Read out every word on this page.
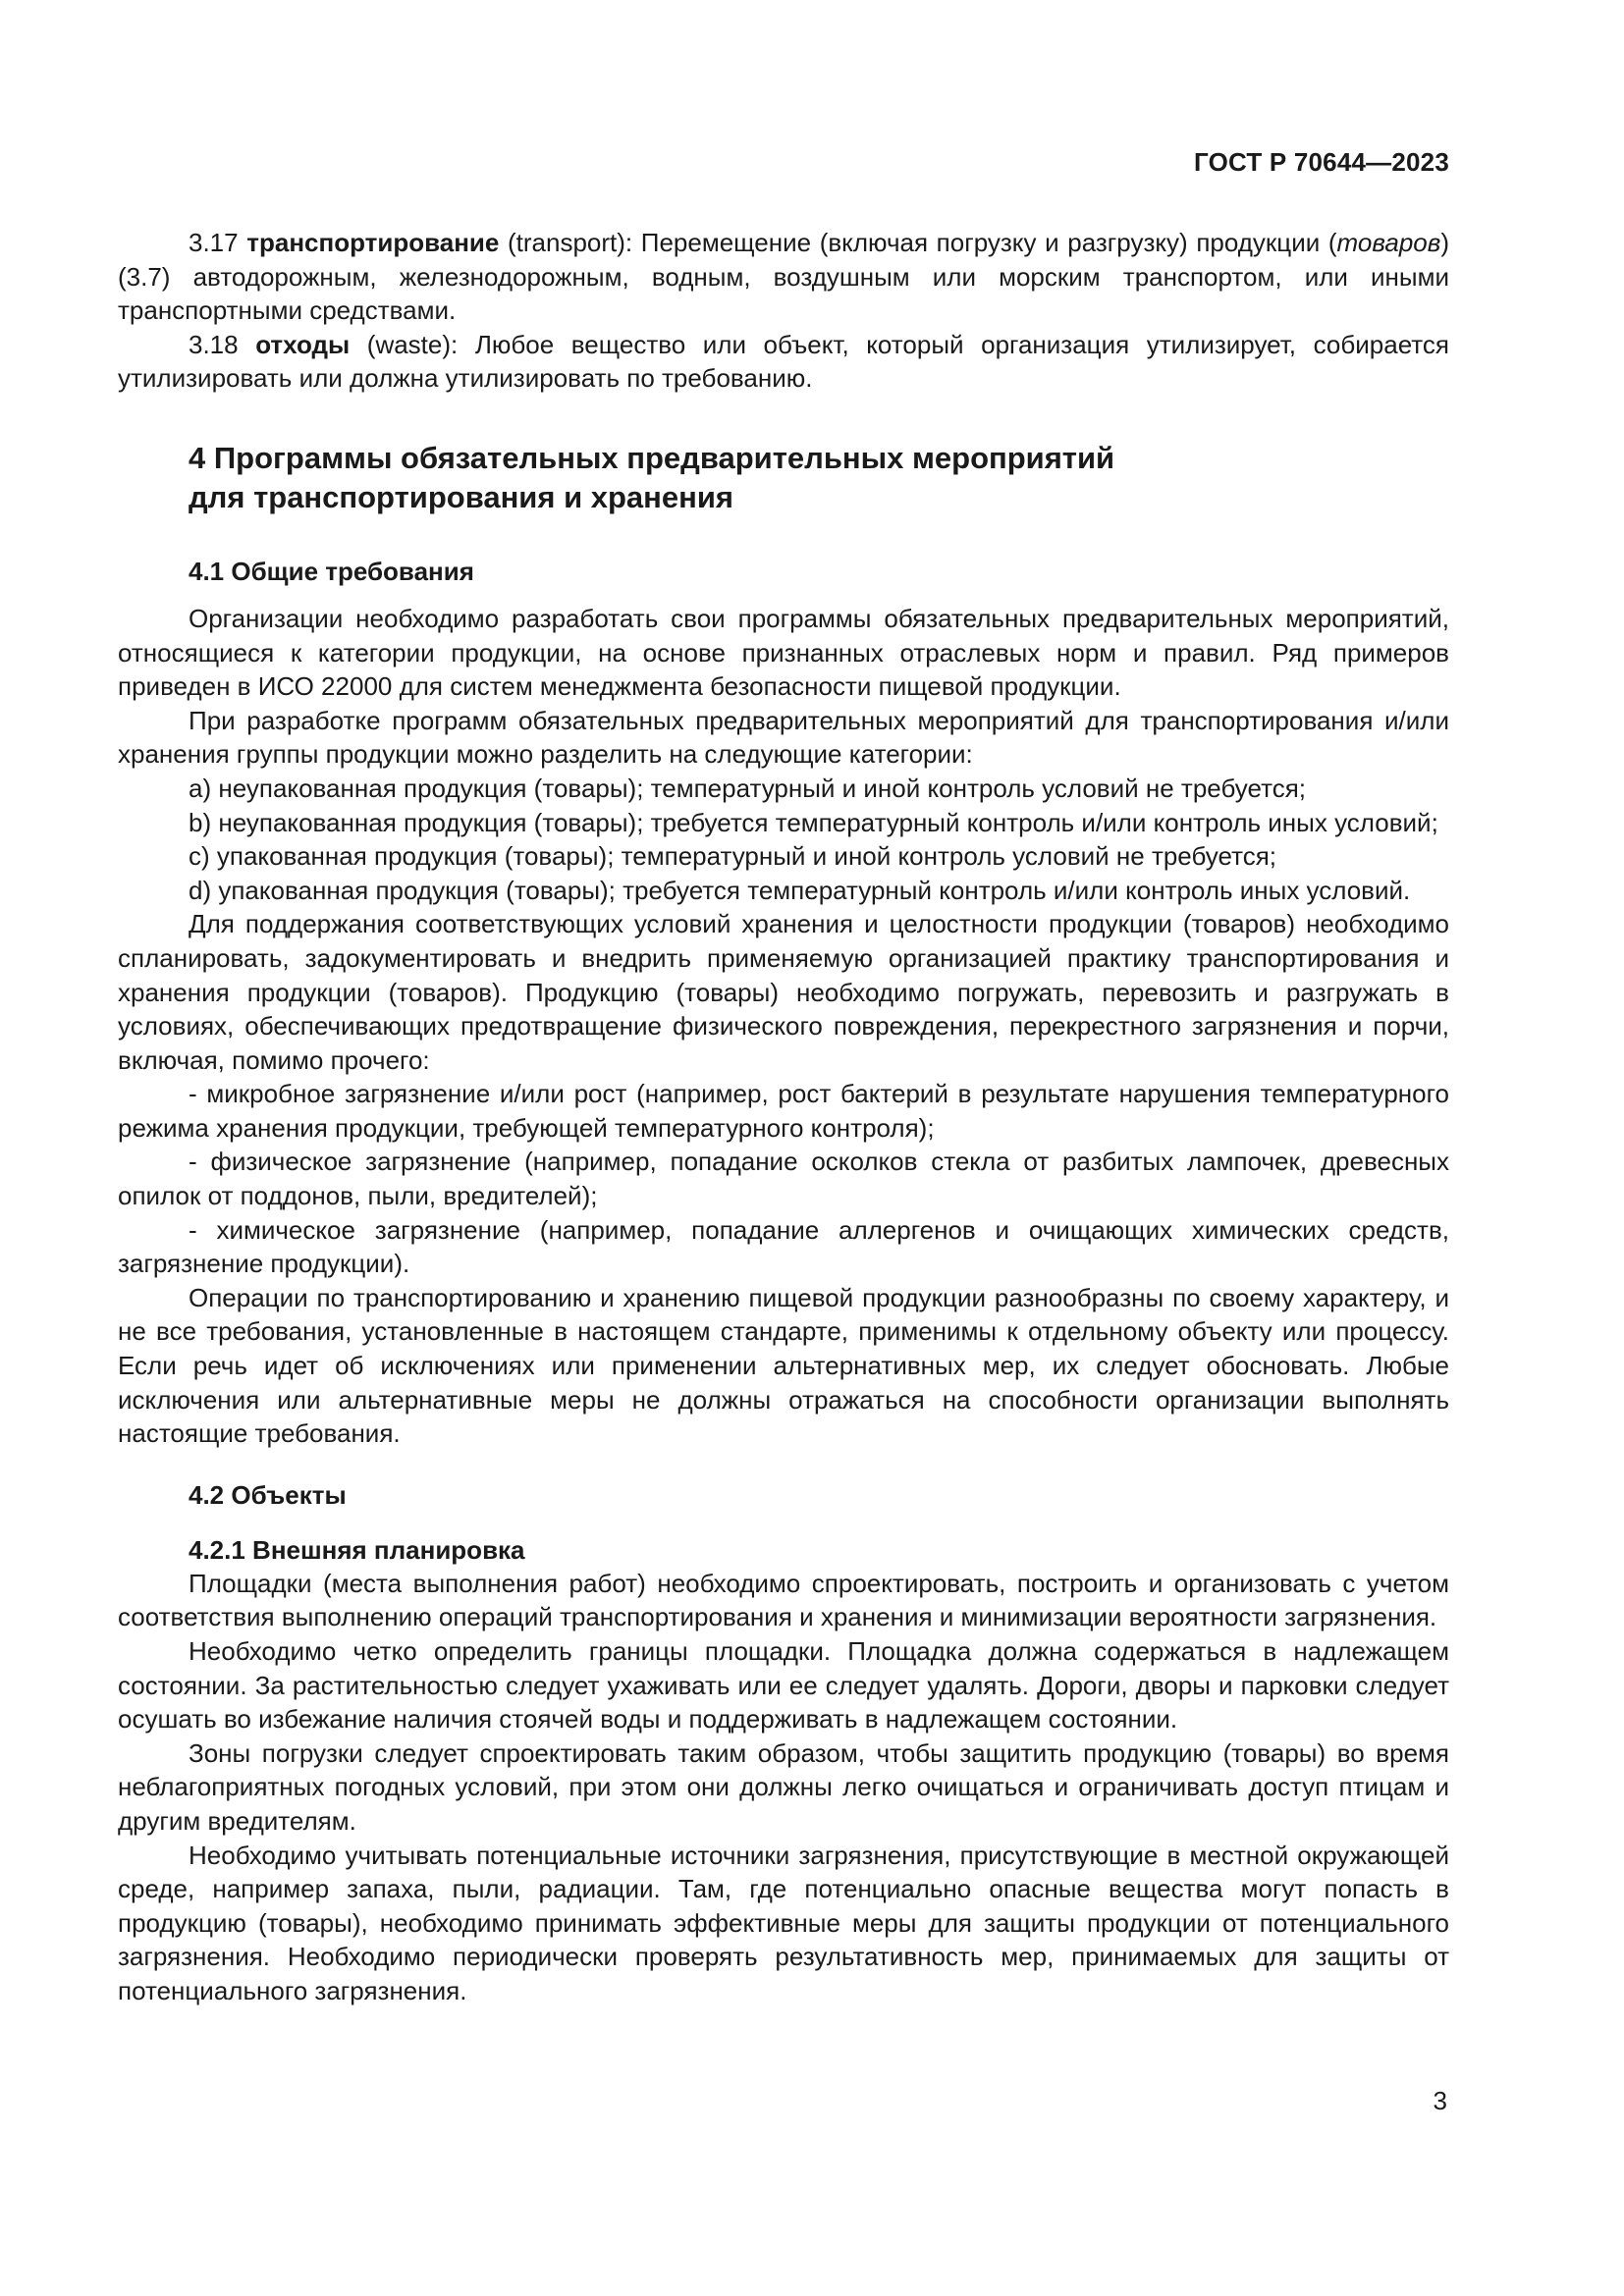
ГОСТ Р 70644—2023

3.17 транспортирование (transport): Перемещение (включая погрузку и разгрузку) продукции (товаров) (3.7) автодорожным, железнодорожным, водным, воздушным или морским транспортом, или иными транспортными средствами.

3.18 отходы (waste): Любое вещество или объект, который организация утилизирует, собирается утилизировать или должна утилизировать по требованию.

4 Программы обязательных предварительных мероприятий
для транспортирования и хранения
4.1 Общие требования

Организации необходимо разработать свои программы обязательных предварительных мероприятий, относящиеся к категории продукции, на основе признанных отраслевых норм и правил. Ряд примеров приведен в ИСО 22000 для систем менеджмента безопасности пищевой продукции.

При разработке программ обязательных предварительных мероприятий для транспортирования и/или хранения группы продукции можно разделить на следующие категории:

а) неупакованная продукция (товары); температурный и иной контроль условий не требуется;

b) неупакованная продукция (товары); требуется температурный контроль и/или контроль иных условий;

с) упакованная продукция (товары); температурный и иной контроль условий не требуется;

d) упакованная продукция (товары); требуется температурный контроль и/или контроль иных условий.

Для поддержания соответствующих условий хранения и целостности продукции (товаров) необходимо спланировать, задокументировать и внедрить применяемую организацией практику транспортирования и хранения продукции (товаров). Продукцию (товары) необходимо погружать, перевозить и разгружать в условиях, обеспечивающих предотвращение физического повреждения, перекрестного загрязнения и порчи, включая, помимо прочего:

- микробное загрязнение и/или рост (например, рост бактерий в результате нарушения температурного режима хранения продукции, требующей температурного контроля);

- физическое загрязнение (например, попадание осколков стекла от разбитых лампочек, древесных опилок от поддонов, пыли, вредителей);

- химическое загрязнение (например, попадание аллергенов и очищающих химических средств, загрязнение продукции).

Операции по транспортированию и хранению пищевой продукции разнообразны по своему характеру, и не все требования, установленные в настоящем стандарте, применимы к отдельному объекту или процессу. Если речь идет об исключениях или применении альтернативных мер, их следует обосновать. Любые исключения или альтернативные меры не должны отражаться на способности организации выполнять настоящие требования.

4.2 Объекты
4.2.1 Внешняя планировка

Площадки (места выполнения работ) необходимо спроектировать, построить и организовать с учетом соответствия выполнению операций транспортирования и хранения и минимизации вероятности загрязнения.

Необходимо четко определить границы площадки. Площадка должна содержаться в надлежащем состоянии. За растительностью следует ухаживать или ее следует удалять. Дороги, дворы и парковки следует осушать во избежание наличия стоячей воды и поддерживать в надлежащем состоянии.

Зоны погрузки следует спроектировать таким образом, чтобы защитить продукцию (товары) во время неблагоприятных погодных условий, при этом они должны легко очищаться и ограничивать доступ птицам и другим вредителям.

Необходимо учитывать потенциальные источники загрязнения, присутствующие в местной окружающей среде, например запаха, пыли, радиации. Там, где потенциально опасные вещества могут попасть в продукцию (товары), необходимо принимать эффективные меры для защиты продукции от потенциального загрязнения. Необходимо периодически проверять результативность мер, принимаемых для защиты от потенциального загрязнения.

3
